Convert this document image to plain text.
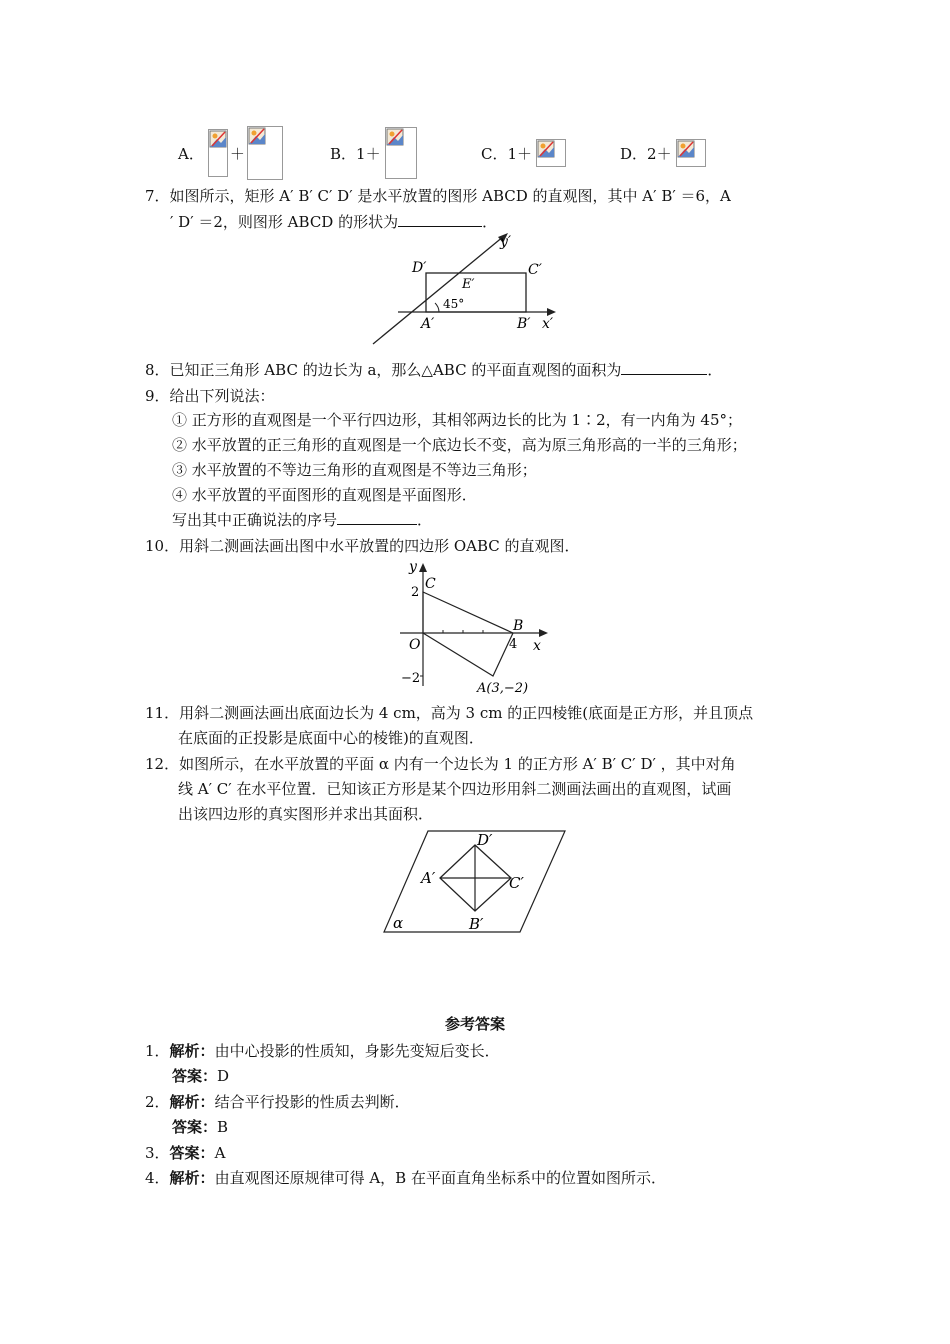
A． ＋	B．1＋	C．1＋	D．2＋
7．如图所示，矩形 A′ B′ C′ D′ 是水平放置的图形 ABCD 的直观图，其中 A′ B′ ＝6，A
′ D′ ＝2，则图形 ABCD 的形状为	．
D′	C′
E′
45°
A′	B′ x′
y′
8．已知正三角形 ABC 的边长为 a，那么△ABC 的平面直观图的面积为	．
9．给出下列说法：
① 正方形的直观图是一个平行四边形，其相邻两边长的比为 1∶2，有一内角为 45°；
② 水平放置的正三角形的直观图是一个底边长不变，高为原三角形高的一半的三角形；
③ 水平放置的不等边三角形的直观图是不等边三角形；
④ 水平放置的平面图形的直观图是平面图形．
写出其中正确说法的序号	．
10．用斜二测画法画出图中水平放置的四边形 OABC 的直观图．
y
x
C
B
O
A(3,−2)
2
4
−2
11．用斜二测画法画出底面边长为 4 cm，高为 3 cm 的正四棱锥(底面是正方形，并且顶点
在底面的正投影是底面中心的棱锥)的直观图．
12．如图所示，在水平放置的平面 α 内有一个边长为 1 的正方形 A′ B′ C′ D′ ，其中对角
线 A′ C′ 在水平位置．已知该正方形是某个四边形用斜二测画法画出的直观图，试画
出该四边形的真实图形并求出其面积．
D′
A′	C′
B′
α
参考答案
1．解析：由中心投影的性质知，身影先变短后变长．
答案：D
2．解析：结合平行投影的性质去判断．
答案：B
3．答案：A
4．解析：由直观图还原规律可得 A，B 在平面直角坐标系中的位置如图所示．
